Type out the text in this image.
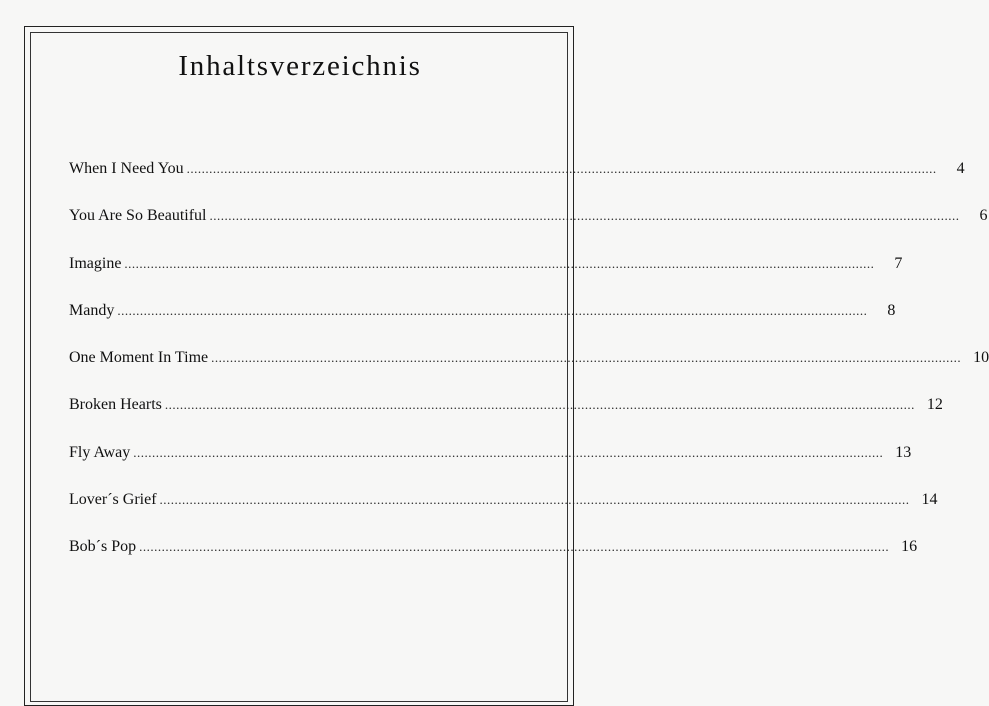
Inhaltsverzeichnis
When I Need You ........................................................................................................................................................................................................	4
You Are So Beautiful ........................................................................................................................................................................................................	6
Imagine ........................................................................................................................................................................................................	7
Mandy ........................................................................................................................................................................................................	8
One Moment In Time ........................................................................................................................................................................................................ 10
Broken Hearts ........................................................................................................................................................................................................ 12
Fly Away ........................................................................................................................................................................................................ 13
Lover´s Grief ........................................................................................................................................................................................................ 14
Bob´s Pop ........................................................................................................................................................................................................ 16
